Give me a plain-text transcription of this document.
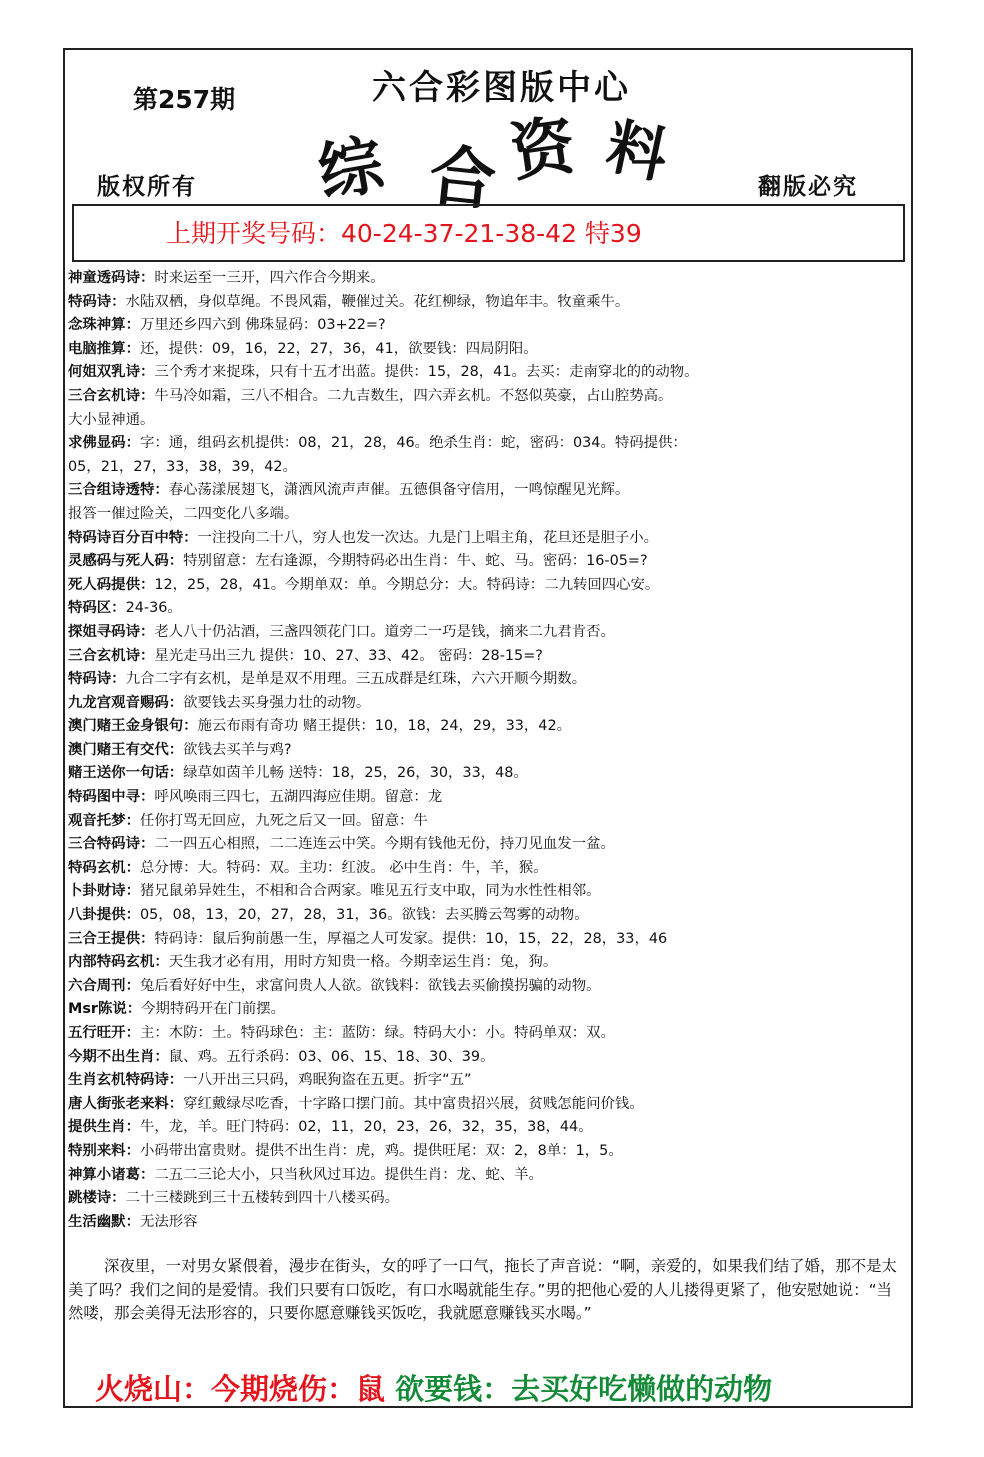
第257期	六合彩图版中心
综 合 资 料
版权所有	翻版必究
上期开奖号码：40-24-37-21-38-42 特39
神童透码诗：时来运至一三开，四六作合今期来。
特码诗：水陆双栖，身似草绳。不畏风霜，鞭催过关。花红柳绿，物追年丰。牧童乘牛。
念珠神算：万里还乡四六到 佛珠显码：03+22=?
电脑推算：还，提供：09，16，22，27，36，41，欲要钱：四局阴阳。
何姐双乳诗：三个秀才来捉珠，只有十五才出蓝。提供：15，28，41。去买：走南穿北的的动物。
三合玄机诗：牛马冷如霜，三八不相合。二九吉数生，四六弄玄机。不怒似英豪，占山腔势高。
大小显神通。
求佛显码：字：通，组码玄机提供：08，21，28，46。绝杀生肖：蛇，密码：034。特码提供：
05，21，27，33，38，39，42。
三合组诗透特：春心荡漾展翅飞，潇洒风流声声催。五德俱备守信用，一鸣惊醒见光辉。
报答一催过险关，二四变化八多端。
特码诗百分百中特：一注投向二十八，穷人也发一次达。九是门上唱主角，花旦还是胆子小。
灵感码与死人码：特别留意：左右逢源，今期特码必出生肖：牛、蛇、马。密码：16-05=?
死人码提供：12，25，28，41。今期单双：单。今期总分：大。特码诗：二九转回四心安。
特码区：24-36。
探姐寻码诗：老人八十仍沾酒，三盏四领花门口。道旁二一巧是钱，摘来二九君肯否。
三合玄机诗：星光走马出三九 提供：10、27、33、42。 密码：28-15=?
特码诗：九合二字有玄机，是单是双不用理。三五成群是红珠，六六开顺今期数。
九龙宫观音赐码：欲要钱去买身强力壮的动物。
澳门赌王金身银句：施云布雨有奇功 赌王提供：10，18，24，29，33，42。
澳门赌王有交代：欲钱去买羊与鸡?
赌王送你一句话：绿草如茵羊儿畅 送特：18，25，26，30，33，48。
特码图中寻：呼风唤雨三四七，五湖四海应佳期。留意：龙
观音托梦：任你打骂无回应，九死之后又一回。留意：牛
三合特码诗：二一四五心相照，二二连连云中笑。今期有钱他无份，持刀见血发一盆。
特码玄机：总分博：大。特码：双。主功：红波。 必中生肖：牛，羊，猴。
卜卦财诗：猪兄鼠弟异姓生，不相和合合两家。唯见五行支中取，同为水性性相邻。
八卦提供：05，08，13，20，27，28，31，36。欲钱：去买腾云驾雾的动物。
三合王提供：特码诗：鼠后狗前愚一生，厚福之人可发家。提供：10，15，22，28，33，46
内部特码玄机：天生我才必有用，用时方知贵一格。今期幸运生肖：兔，狗。
六合周刊：兔后看好好中生，求富问贵人人欲。欲钱料：欲钱去买偷摸拐骗的动物。
Msr陈说：今期特码开在门前摆。
五行旺开：主：木防：土。特码球色：主：蓝防：绿。特码大小：小。特码单双：双。
今期不出生肖：鼠、鸡。五行杀码：03、06、15、18、30、39。
生肖玄机特码诗：一八开出三只码，鸡眠狗盗在五更。折字“五”
唐人街张老来料：穿红戴绿尽吃香，十字路口摆门前。其中富贵招兴展，贫贱怎能问价钱。
提供生肖：牛，龙，羊。旺门特码：02，11，20，23，26，32，35，38，44。
特别来料：小码带出富贵财。提供不出生肖：虎，鸡。提供旺尾：双：2，8单：1，5。
神算小诸葛：二五二三论大小，只当秋风过耳边。提供生肖：龙、蛇、羊。
跳楼诗：二十三楼跳到三十五楼转到四十八楼买码。
生活幽默：无法形容

深夜里，一对男女紧偎着，漫步在街头，女的呼了一口气，拖长了声音说：“啊，亲爱的，如果我们结了婚，那不是太美了吗？我们之间的是爱情。我们只要有口饭吃，有口水喝就能生存。”男的把他心爱的人儿搂得更紧了，他安慰她说：“当然喽，那会美得无法形容的，只要你愿意赚钱买饭吃，我就愿意赚钱买水喝。”

火烧山：今期烧伤：鼠 欲要钱：去买好吃懒做的动物
